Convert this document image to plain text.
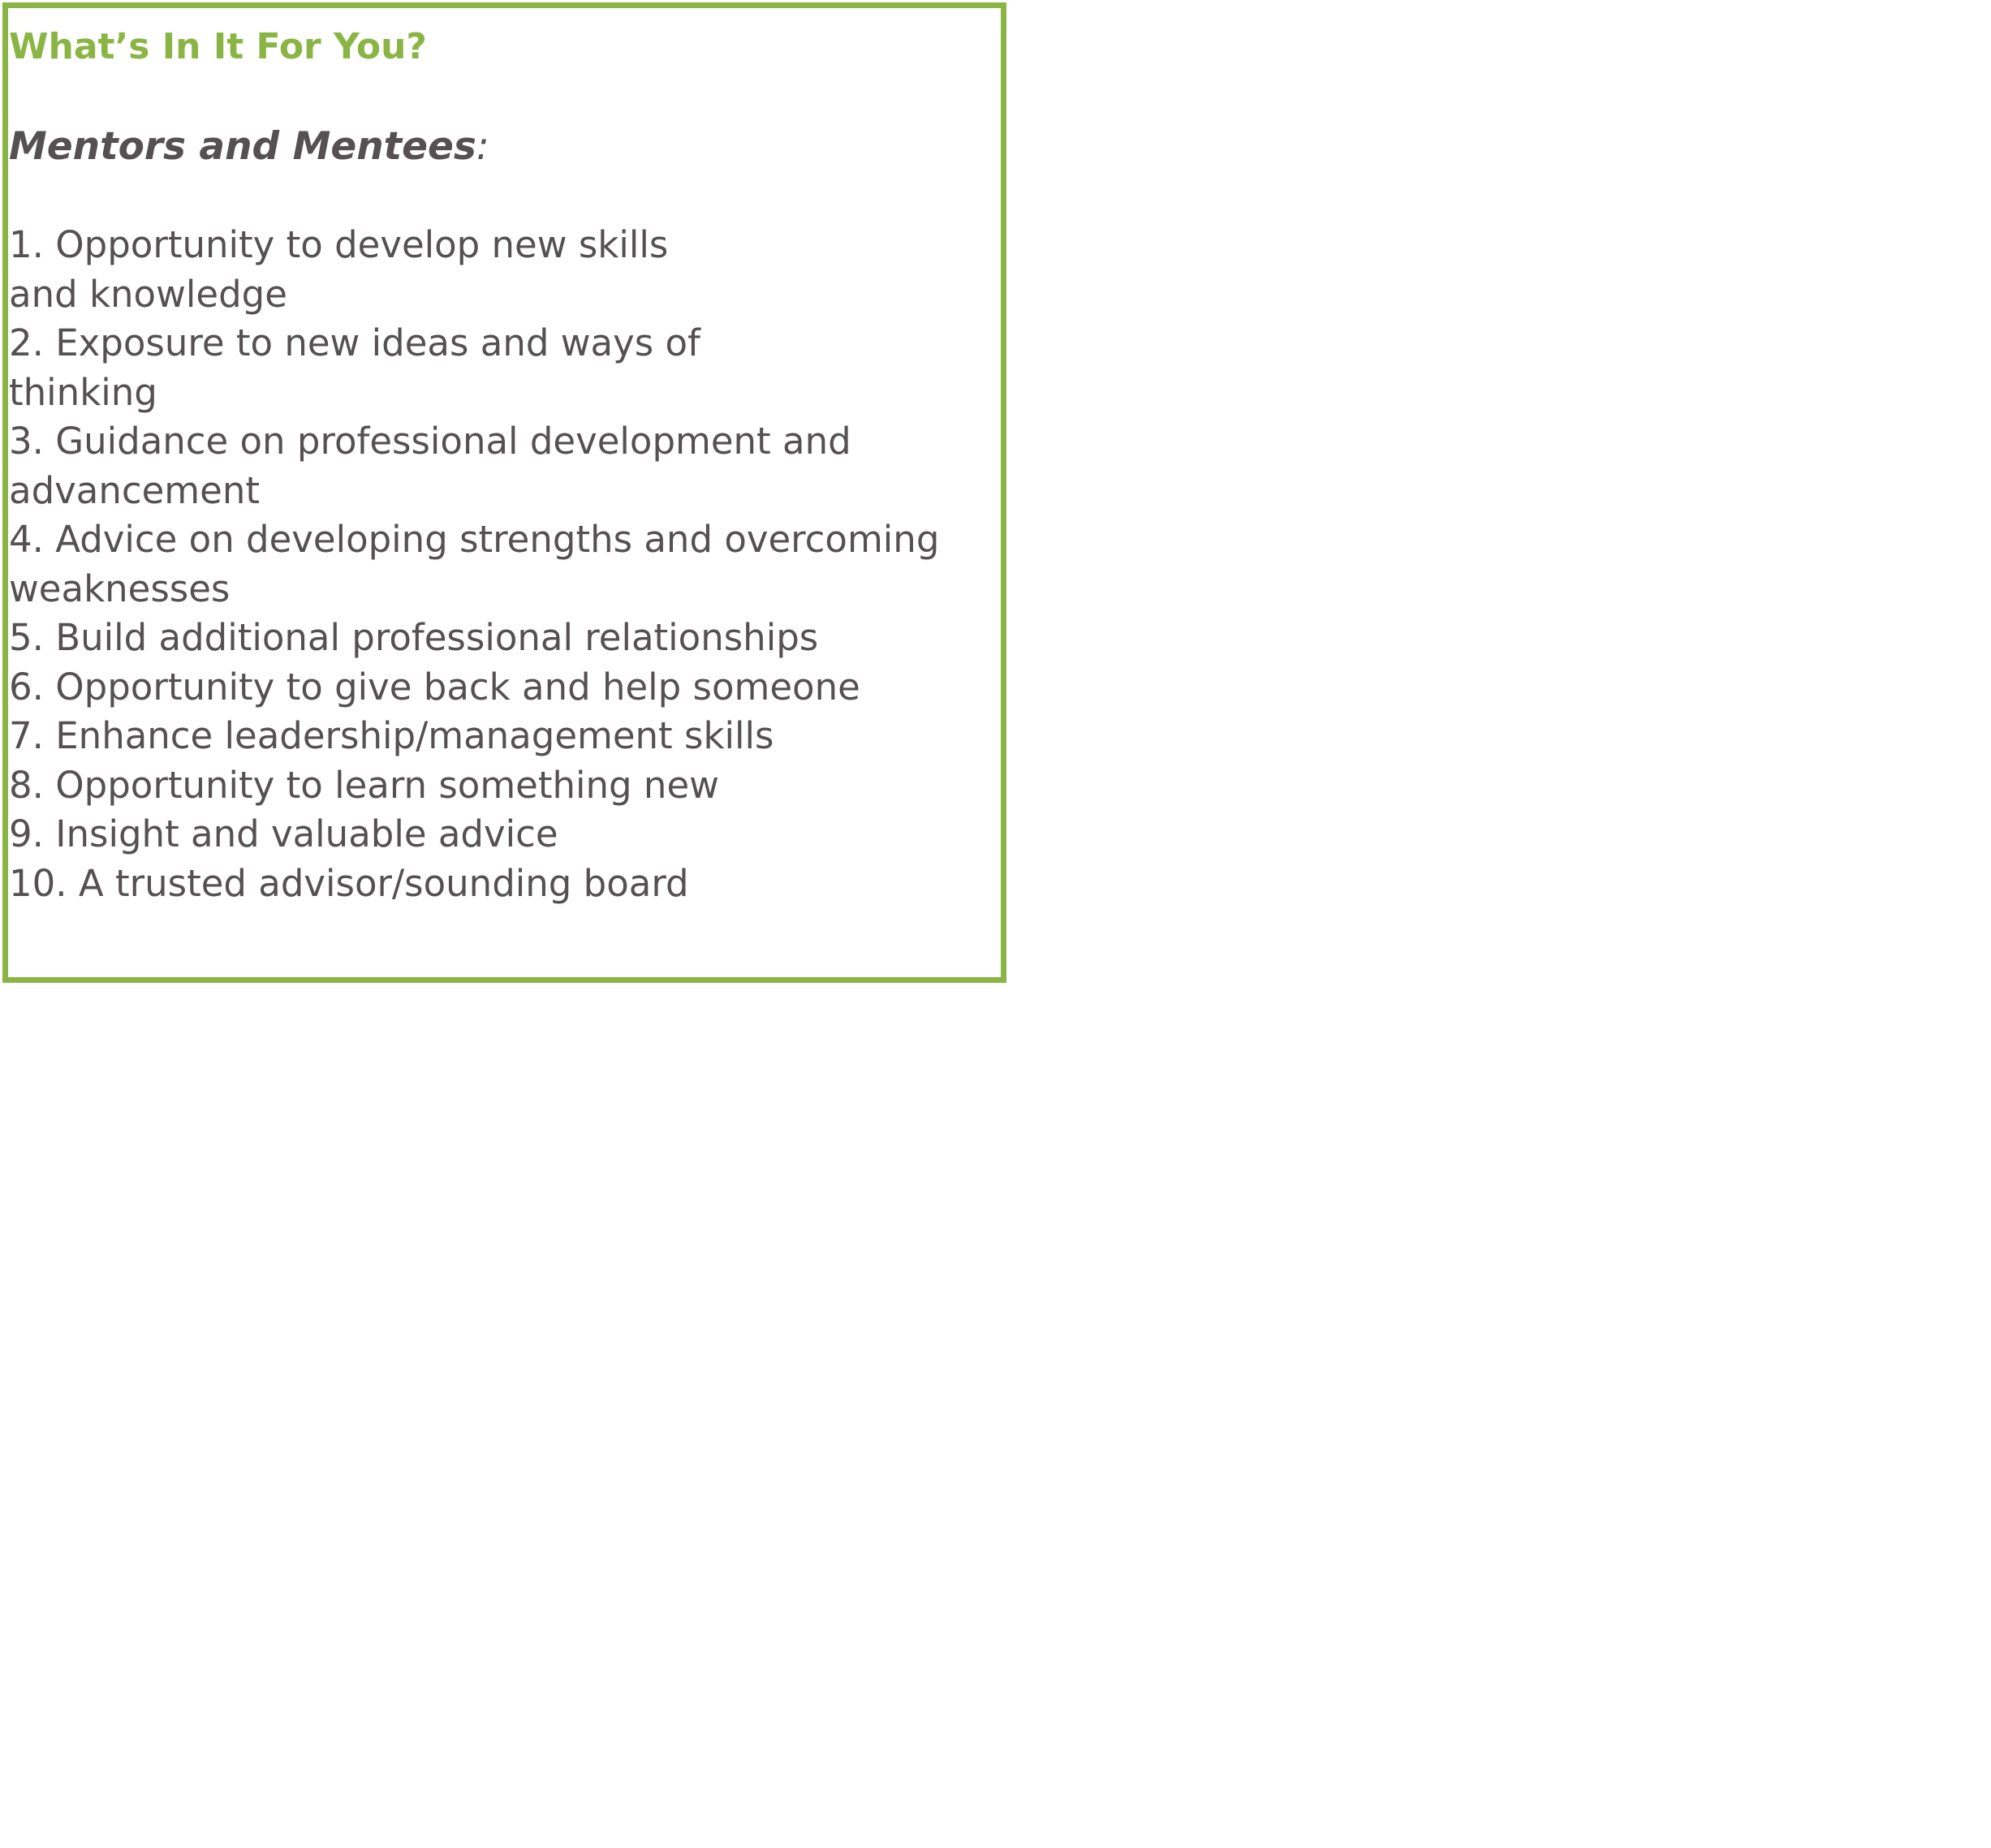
What’s In It For You?

Mentors and Mentees:

1. Opportunity to develop new skills
and knowledge
2. Exposure to new ideas and ways of
thinking
3. Guidance on professional development and
advancement
4. Advice on developing strengths and overcoming
weaknesses
5. Build additional professional relationships
6. Opportunity to give back and help someone
7. Enhance leadership/management skills
8. Opportunity to learn something new
9. Insight and valuable advice
10. A trusted advisor/sounding board
